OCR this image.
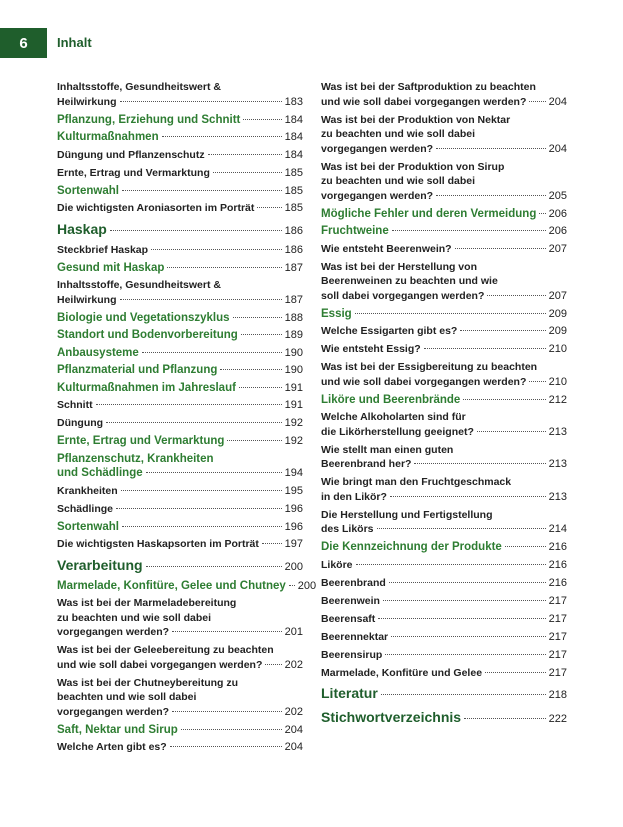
6 Inhalt
Inhaltsstoffe, Gesundheitswert &
Heilwirkung	183
Pflanzung, Erziehung und Schnitt	184
Kulturmaßnahmen	184
Düngung und Pflanzenschutz	184
Ernte, Ertrag und Vermarktung	185
Sortenwahl	185
Die wichtigsten Aroniasorten im Porträt	185
Haskap	186
Steckbrief Haskap	186
Gesund mit Haskap	187
Inhaltsstoffe, Gesundheitswert &
Heilwirkung	187
Biologie und Vegetationszyklus	188
Standort und Bodenvorbereitung	189
Anbausysteme	190
Pflanzmaterial und Pflanzung	190
Kulturmaßnahmen im Jahreslauf	191
Schnitt	191
Düngung	192
Ernte, Ertrag und Vermarktung	192
Pflanzenschutz, Krankheiten
und Schädlinge	194
Krankheiten	195
Schädlinge	196
Sortenwahl	196
Die wichtigsten Haskapsorten im Porträt 197
Verarbeitung	200
Marmelade, Konfitüre, Gelee und Chutney 200
Was ist bei der Marmeladebereitung
zu beachten und wie soll dabei
vorgegangen werden?	201
Was ist bei der Geleebereitung zu beachten
und wie soll dabei vorgegangen werden? 202
Was ist bei der Chutneybereitung zu
beachten und wie soll dabei
vorgegangen werden?	202
Saft, Nektar und Sirup	204
Welche Arten gibt es?	204
Was ist bei der Saftproduktion zu beachten
und wie soll dabei vorgegangen werden? 204
Was ist bei der Produktion von Nektar
zu beachten und wie soll dabei
vorgegangen werden?	204
Was ist bei der Produktion von Sirup
zu beachten und wie soll dabei
vorgegangen werden?	205
Mögliche Fehler und deren Vermeidung 206
Fruchtweine	206
Wie entsteht Beerenwein?	207
Was ist bei der Herstellung von
Beerenweinen zu beachten und wie
soll dabei vorgegangen werden?	207
Essig	209
Welche Essigarten gibt es?	209
Wie entsteht Essig?	210
Was ist bei der Essigbereitung zu beachten
und wie soll dabei vorgegangen werden? 210
Liköre und Beerenbrände	212
Welche Alkoholarten sind für
die Likörherstellung geeignet?	213
Wie stellt man einen guten
Beerenbrand her?	213
Wie bringt man den Fruchtgeschmack
in den Likör?	213
Die Herstellung und Fertigstellung
des Likörs	214
Die Kennzeichnung der Produkte	216
Liköre	216
Beerenbrand	216
Beerenwein	217
Beerensaft	217
Beerennektar	217
Beerensirup	217
Marmelade, Konfitüre und Gelee	217
Literatur	218
Stichwortverzeichnis	222
